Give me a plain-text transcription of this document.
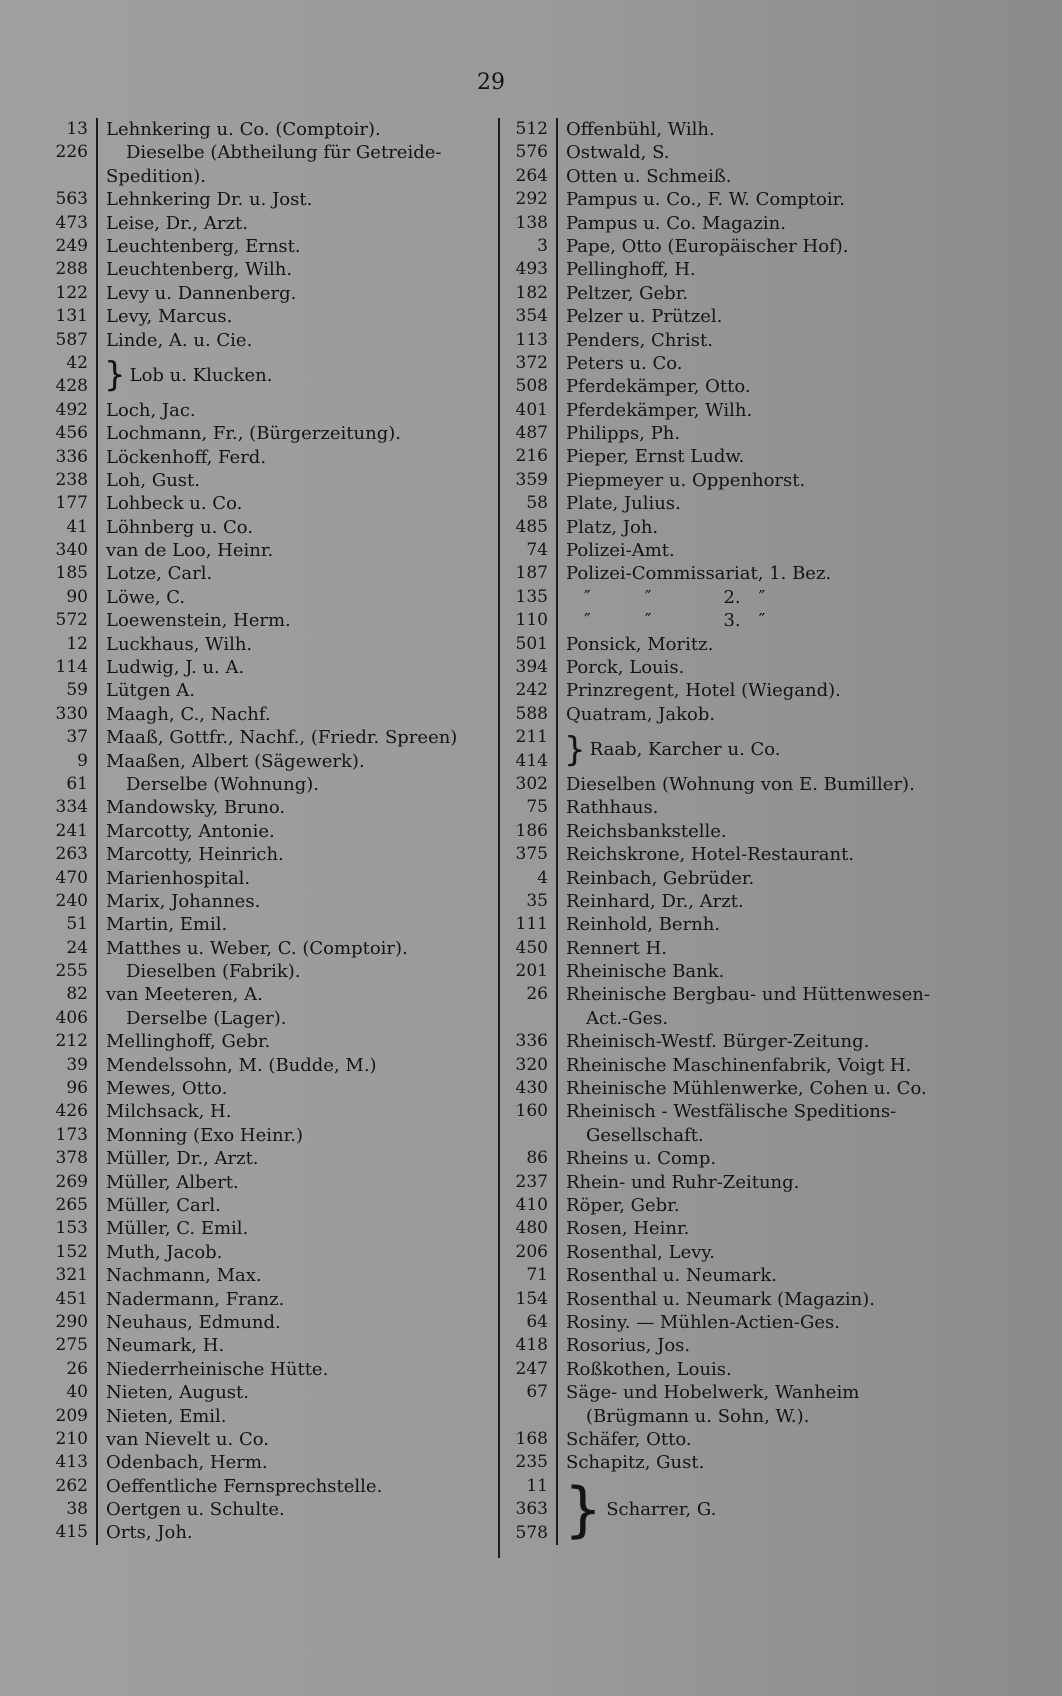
29
13	Lehnkering u. Co. (Comptoir).
226	Dieselbe (Abtheilung für Getreide-
Spedition).
563	Lehnkering Dr. u. Jost.
473	Leise, Dr., Arzt.
249	Leuchtenberg, Ernst.
288	Leuchtenberg, Wilh.
122	Levy u. Dannenberg.
131	Levy, Marcus.
587	Linde, A. u. Cie.
42
428 } Lob u. Klucken.
492	Loch, Jac.
456	Lochmann, Fr., (Bürgerzeitung).
336	Löckenhoff, Ferd.
238	Loh, Gust.
177	Lohbeck u. Co.
41	Löhnberg u. Co.
340	van de Loo, Heinr.
185	Lotze, Carl.
90	Löwe, C.
572	Loewenstein, Herm.
12	Luckhaus, Wilh.
114	Ludwig, J. u. A.
59	Lütgen A.
330	Maagh, C., Nachf.
37	Maaß, Gottfr., Nachf., (Friedr. Spreen)
9	Maaßen, Albert (Sägewerk).
61	Derselbe (Wohnung).
334	Mandowsky, Bruno.
241	Marcotty, Antonie.
263	Marcotty, Heinrich.
470	Marienhospital.
240	Marix, Johannes.
51	Martin, Emil.
24	Matthes u. Weber, C. (Comptoir).
255	Dieselben (Fabrik).
82	van Meeteren, A.
406	Derselbe (Lager).
212	Mellinghoff, Gebr.
39	Mendelssohn, M. (Budde, M.)
96	Mewes, Otto.
426	Milchsack, H.
173	Monning (Exo Heinr.)
378	Müller, Dr., Arzt.
269	Müller, Albert.
265	Müller, Carl.
153	Müller, C. Emil.
152	Muth, Jacob.
321	Nachmann, Max.
451	Nadermann, Franz.
290	Neuhaus, Edmund.
275	Neumark, H.
26	Niederrheinische Hütte.
40	Nieten, August.
209	Nieten, Emil.
210	van Nievelt u. Co.
413	Odenbach, Herm.
262	Oeffentliche Fernsprechstelle.
38	Oertgen u. Schulte.
415	Orts, Joh.
512	Offenbühl, Wilh.
576	Ostwald, S.
264	Otten u. Schmeiß.
292	Pampus u. Co., F. W. Comptoir.
138	Pampus u. Co. Magazin.
3	Pape, Otto (Europäischer Hof).
493	Pellinghoff, H.
182	Peltzer, Gebr.
354	Pelzer u. Prützel.
113	Penders, Christ.
372	Peters u. Co.
508	Pferdekämper, Otto.
401	Pferdekämper, Wilh.
487	Philipps, Ph.
216	Pieper, Ernst Ludw.
359	Piepmeyer u. Oppenhorst.
58	Plate, Julius.
485	Platz, Joh.
74	Polizei-Amt.
187	Polizei-Commissariat, 1. Bez.
135	 ″   ″    2. ″
110	 ″   ″    3. ″
501	Ponsick, Moritz.
394	Porck, Louis.
242	Prinzregent, Hotel (Wiegand).
588	Quatram, Jakob.
211
414 } Raab, Karcher u. Co.
302	Dieselben (Wohnung von E. Bumiller).
75	Rathhaus.
186	Reichsbankstelle.
375	Reichskrone, Hotel-Restaurant.
4	Reinbach, Gebrüder.
35	Reinhard, Dr., Arzt.
111	Reinhold, Bernh.
450	Rennert H.
201	Rheinische Bank.
26	Rheinische Bergbau- und Hüttenwesen-
Act.-Ges.
336	Rheinisch-Westf. Bürger-Zeitung.
320	Rheinische Maschinenfabrik, Voigt H.
430	Rheinische Mühlenwerke, Cohen u. Co.
160	Rheinisch - Westfälische Speditions-
Gesellschaft.
86	Rheins u. Comp.
237	Rhein- und Ruhr-Zeitung.
410	Röper, Gebr.
480	Rosen, Heinr.
206	Rosenthal, Levy.
71	Rosenthal u. Neumark.
154	Rosenthal u. Neumark (Magazin).
64	Rosiny. — Mühlen-Actien-Ges.
418	Rosorius, Jos.
247	Roßkothen, Louis.
67	Säge- und Hobelwerk, Wanheim
(Brügmann u. Sohn, W.).
168	Schäfer, Otto.
235	Schapitz, Gust.
11
363
578 } Scharrer, G.
